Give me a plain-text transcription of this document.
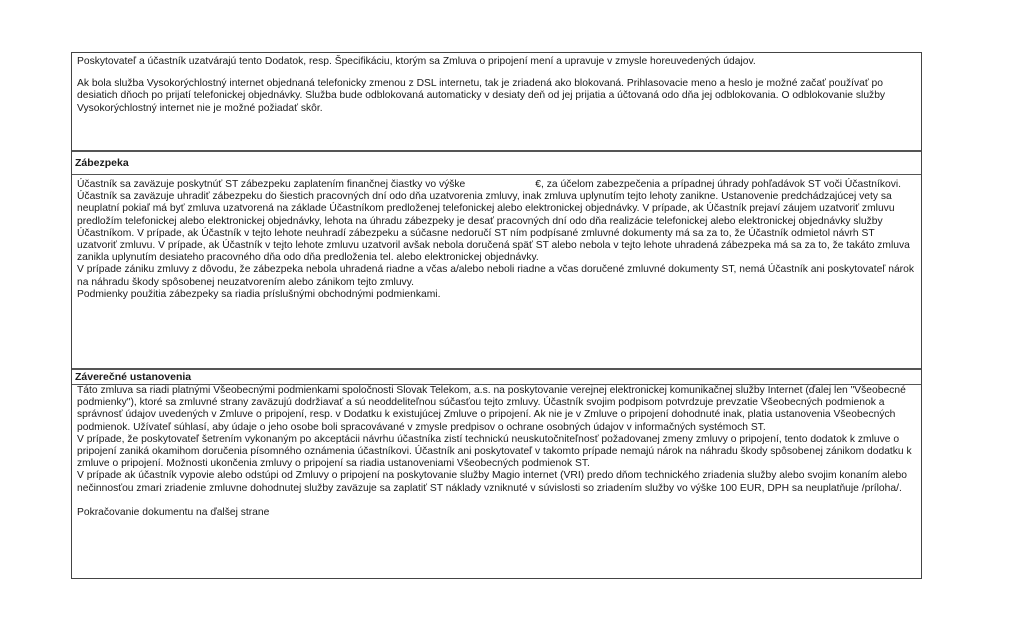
Poskytovateľ a účastník uzatvárajú tento Dodatok, resp. Špecifikáciu, ktorým sa Zmluva o pripojení mení a upravuje v zmysle horeuvedených údajov.

Ak bola služba Vysokorýchlostný internet objednaná telefonicky zmenou z DSL internetu, tak je zriadená ako blokovaná. Prihlasovacie meno a heslo je možné začať používať po desiatich dňoch po prijatí telefonickej objednávky. Služba bude odblokovaná automaticky v desiaty deň od jej prijatia a účtovaná odo dňa jej odblokovania. O odblokovanie služby Vysokorýchlostný internet nie je možné požiadať skôr.

Zábezpeka

Účastník sa zaväzuje poskytnúť ST zábezpeku zaplatením finančnej čiastky vo výške	€, za účelom zabezpečenia a prípadnej úhrady pohľadávok ST voči Účastníkovi.

Účastník sa zaväzuje uhradiť zábezpeku do šiestich pracovných dní odo dňa uzatvorenia zmluvy, inak zmluva uplynutím tejto lehoty zanikne. Ustanovenie predchádzajúcej vety sa neuplatní pokiaľ má byť zmluva uzatvorená na základe Účastníkom predloženej telefonickej alebo elektronickej objednávky. V prípade, ak Účastník prejaví záujem uzatvoriť zmluvu predložím telefonickej alebo elektronickej objednávky, lehota na úhradu zábezpeky je desať pracovných dní odo dňa realizácie telefonickej alebo elektronickej objednávky služby Účastníkom. V prípade, ak Účastník v tejto lehote neuhradí zábezpeku a súčasne nedoručí ST ním podpísané zmluvné dokumenty má sa za to, že Účastník odmietol návrh ST uzatvoriť zmluvu. V prípade, ak Účastník v tejto lehote zmluvu uzatvoril avšak nebola doručená späť ST alebo nebola v tejto lehote uhradená zábezpeka má sa za to, že takáto zmluva zanikla uplynutím desiateho pracovného dňa odo dňa predloženia tel. alebo elektronickej objednávky.

V prípade zániku zmluvy z dôvodu, že zábezpeka nebola uhradená riadne a včas a/alebo neboli riadne a včas doručené zmluvné dokumenty ST, nemá Účastník ani poskytovateľ nárok na náhradu škody spôsobenej neuzatvorením alebo zánikom tejto zmluvy.

Podmienky použitia zábezpeky sa riadia príslušnými obchodnými podmienkami.

Záverečné ustanovenia

Táto zmluva sa riadi platnými Všeobecnými podmienkami spoločnosti Slovak Telekom, a.s. na poskytovanie verejnej elektronickej komunikačnej služby Internet (ďalej len "Všeobecné podmienky"), ktoré sa zmluvné strany zaväzujú dodržiavať a sú neoddeliteľnou súčasťou tejto zmluvy. Účastník svojim podpisom potvrdzuje prevzatie Všeobecných podmienok a správnosť údajov uvedených v Zmluve o pripojení, resp. v Dodatku k existujúcej Zmluve o pripojení. Ak nie je v Zmluve o pripojení dohodnuté inak, platia ustanovenia Všeobecných podmienok. Užívateľ súhlasí, aby údaje o jeho osobe boli spracovávané v zmysle predpisov o ochrane osobných údajov v informačných systémoch ST.

V prípade, že poskytovateľ šetrením vykonaným po akceptácii návrhu účastníka zistí technickú neuskutočniteľnosť požadovanej zmeny zmluvy o pripojení, tento dodatok k zmluve o pripojení zaniká okamihom doručenia písomného oznámenia účastníkovi. Účastník ani poskytovateľ v takomto prípade nemajú nárok na náhradu škody spôsobenej zánikom dodatku k zmluve o pripojení. Možnosti ukončenia zmluvy o pripojení sa riadia ustanoveniami Všeobecných podmienok ST.

V prípade ak účastník vypovie alebo odstúpi od Zmluvy o pripojení na poskytovanie služby Magio internet (VRI) predo dňom technického zriadenia služby alebo svojim konaním alebo nečinnosťou zmari zriadenie zmluvne dohodnutej služby zaväzuje sa zaplatiť ST náklady vzniknuté v súvislosti so zriadením služby vo výške 100 EUR, DPH sa neuplatňuje /príloha/.

Pokračovanie dokumentu na ďalšej strane
